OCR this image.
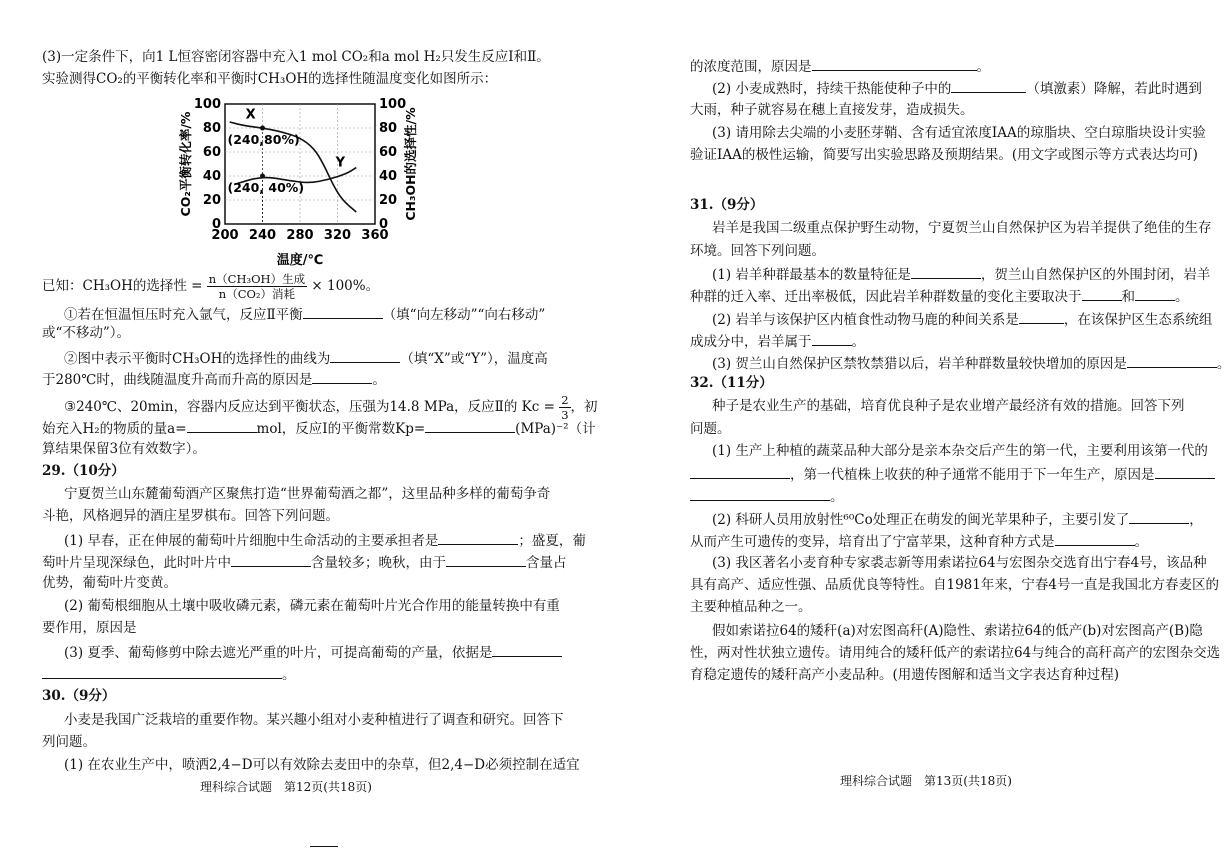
(3)一定条件下，向1 L恒容密闭容器中充入1 mol CO₂和a mol H₂只发生反应Ⅰ和Ⅱ。
实验测得CO₂的平衡转化率和平衡时CH₃OH的选择性随温度变化如图所示：
0	0
20	20
40	40
60	60
80	80
100	100
200 240 280 320 360
X
Y
(240,80%)
(240, 40%)
CO₂平衡转化率/%	CH₃OH的选择性/%
温度/℃
已知：CH₃OH的选择性 = $\frac{\text{n（CH₃OH）生成}}{\text{n（CO₂）消耗}} \times 100\%$。
①若在恒温恒压时充入氩气，反应Ⅱ平衡	（填“向左移动”“向右移动”
或“不移动”）。
②图中表示平衡时CH₃OH的选择性的曲线为	（填“X”或“Y”），温度高
于280℃时，曲线随温度升高而升高的原因是	。
③240℃、20min，容器内反应达到平衡状态，压强为14.8 MPa，反应Ⅱ的 $Kc = \frac{2}{3}$ ，初
始充入H₂的物质的量a=	mol，反应Ⅰ的平衡常数Kp=	(MPa)⁻²（计
算结果保留3位有效数字）。
29.（10分）
宁夏贺兰山东麓葡萄酒产区聚焦打造“世界葡萄酒之都”，这里品种多样的葡萄争奇
斗艳，风格迥异的酒庄星罗棋布。回答下列问题。
(1) 早春，正在伸展的葡萄叶片细胞中生命活动的主要承担者是	；盛夏，葡
萄叶片呈现深绿色，此时叶片中	含量较多；晚秋，由于	含量占
优势，葡萄叶片变黄。
(2) 葡萄根细胞从土壤中吸收磷元素，磷元素在葡萄叶片光合作用的能量转换中有重
要作用，原因是
(3) 夏季、葡萄修剪中除去遮光严重的叶片，可提高葡萄的产量，依据是
。
30.（9分）
小麦是我国广泛栽培的重要作物。某兴趣小组对小麦种植进行了调查和研究。回答下
列问题。
(1) 在农业生产中，喷洒2,4−D可以有效除去麦田中的杂草，但2,4−D必须控制在适宜
理科综合试题　第12页(共18页)
的浓度范围，原因是	。
(2) 小麦成熟时，持续干热能使种子中的	（填激素）降解，若此时遇到
大雨，种子就容易在穗上直接发芽，造成损失。
(3) 请用除去尖端的小麦胚芽鞘、含有适宜浓度IAA的琼脂块、空白琼脂块设计实验
验证IAA的极性运输，简要写出实验思路及预期结果。(用文字或图示等方式表达均可)
31.（9分）
岩羊是我国二级重点保护野生动物，宁夏贺兰山自然保护区为岩羊提供了绝佳的生存
环境。回答下列问题。
(1) 岩羊种群最基本的数量特征是	，贺兰山自然保护区的外围封闭，岩羊
种群的迁入率、迁出率极低，因此岩羊种群数量的变化主要取决于	和	。
(2) 岩羊与该保护区内植食性动物马鹿的种间关系是	，在该保护区生态系统组
成成分中，岩羊属于	。
(3) 贺兰山自然保护区禁牧禁猎以后，岩羊种群数量较快增加的原因是	。
32.（11分）
种子是农业生产的基础，培育优良种子是农业增产最经济有效的措施。回答下列
问题。
(1) 生产上种植的蔬菜品种大部分是亲本杂交后产生的第一代，主要利用该第一代的
，第一代植株上收获的种子通常不能用于下一年生产，原因是
。
(2) 科研人员用放射性⁶⁰Co处理正在萌发的闽光苹果种子，主要引发了	，
从而产生可遗传的变异，培育出了宁富苹果，这种育种方式是	。
(3) 我区著名小麦育种专家裘志新等用索诺拉64与宏图杂交选育出宁春4号，该品种
具有高产、适应性强、品质优良等特性。自1981年来，宁春4号一直是我国北方春麦区的
主要种植品种之一。
假如索诺拉64的矮秆(a)对宏图高秆(A)隐性、索诺拉64的低产(b)对宏图高产(B)隐
性，两对性状独立遗传。请用纯合的矮秆低产的索诺拉64与纯合的高秆高产的宏图杂交选
育稳定遗传的矮秆高产小麦品种。(用遗传图解和适当文字表达育种过程)
理科综合试题　第13页(共18页)
